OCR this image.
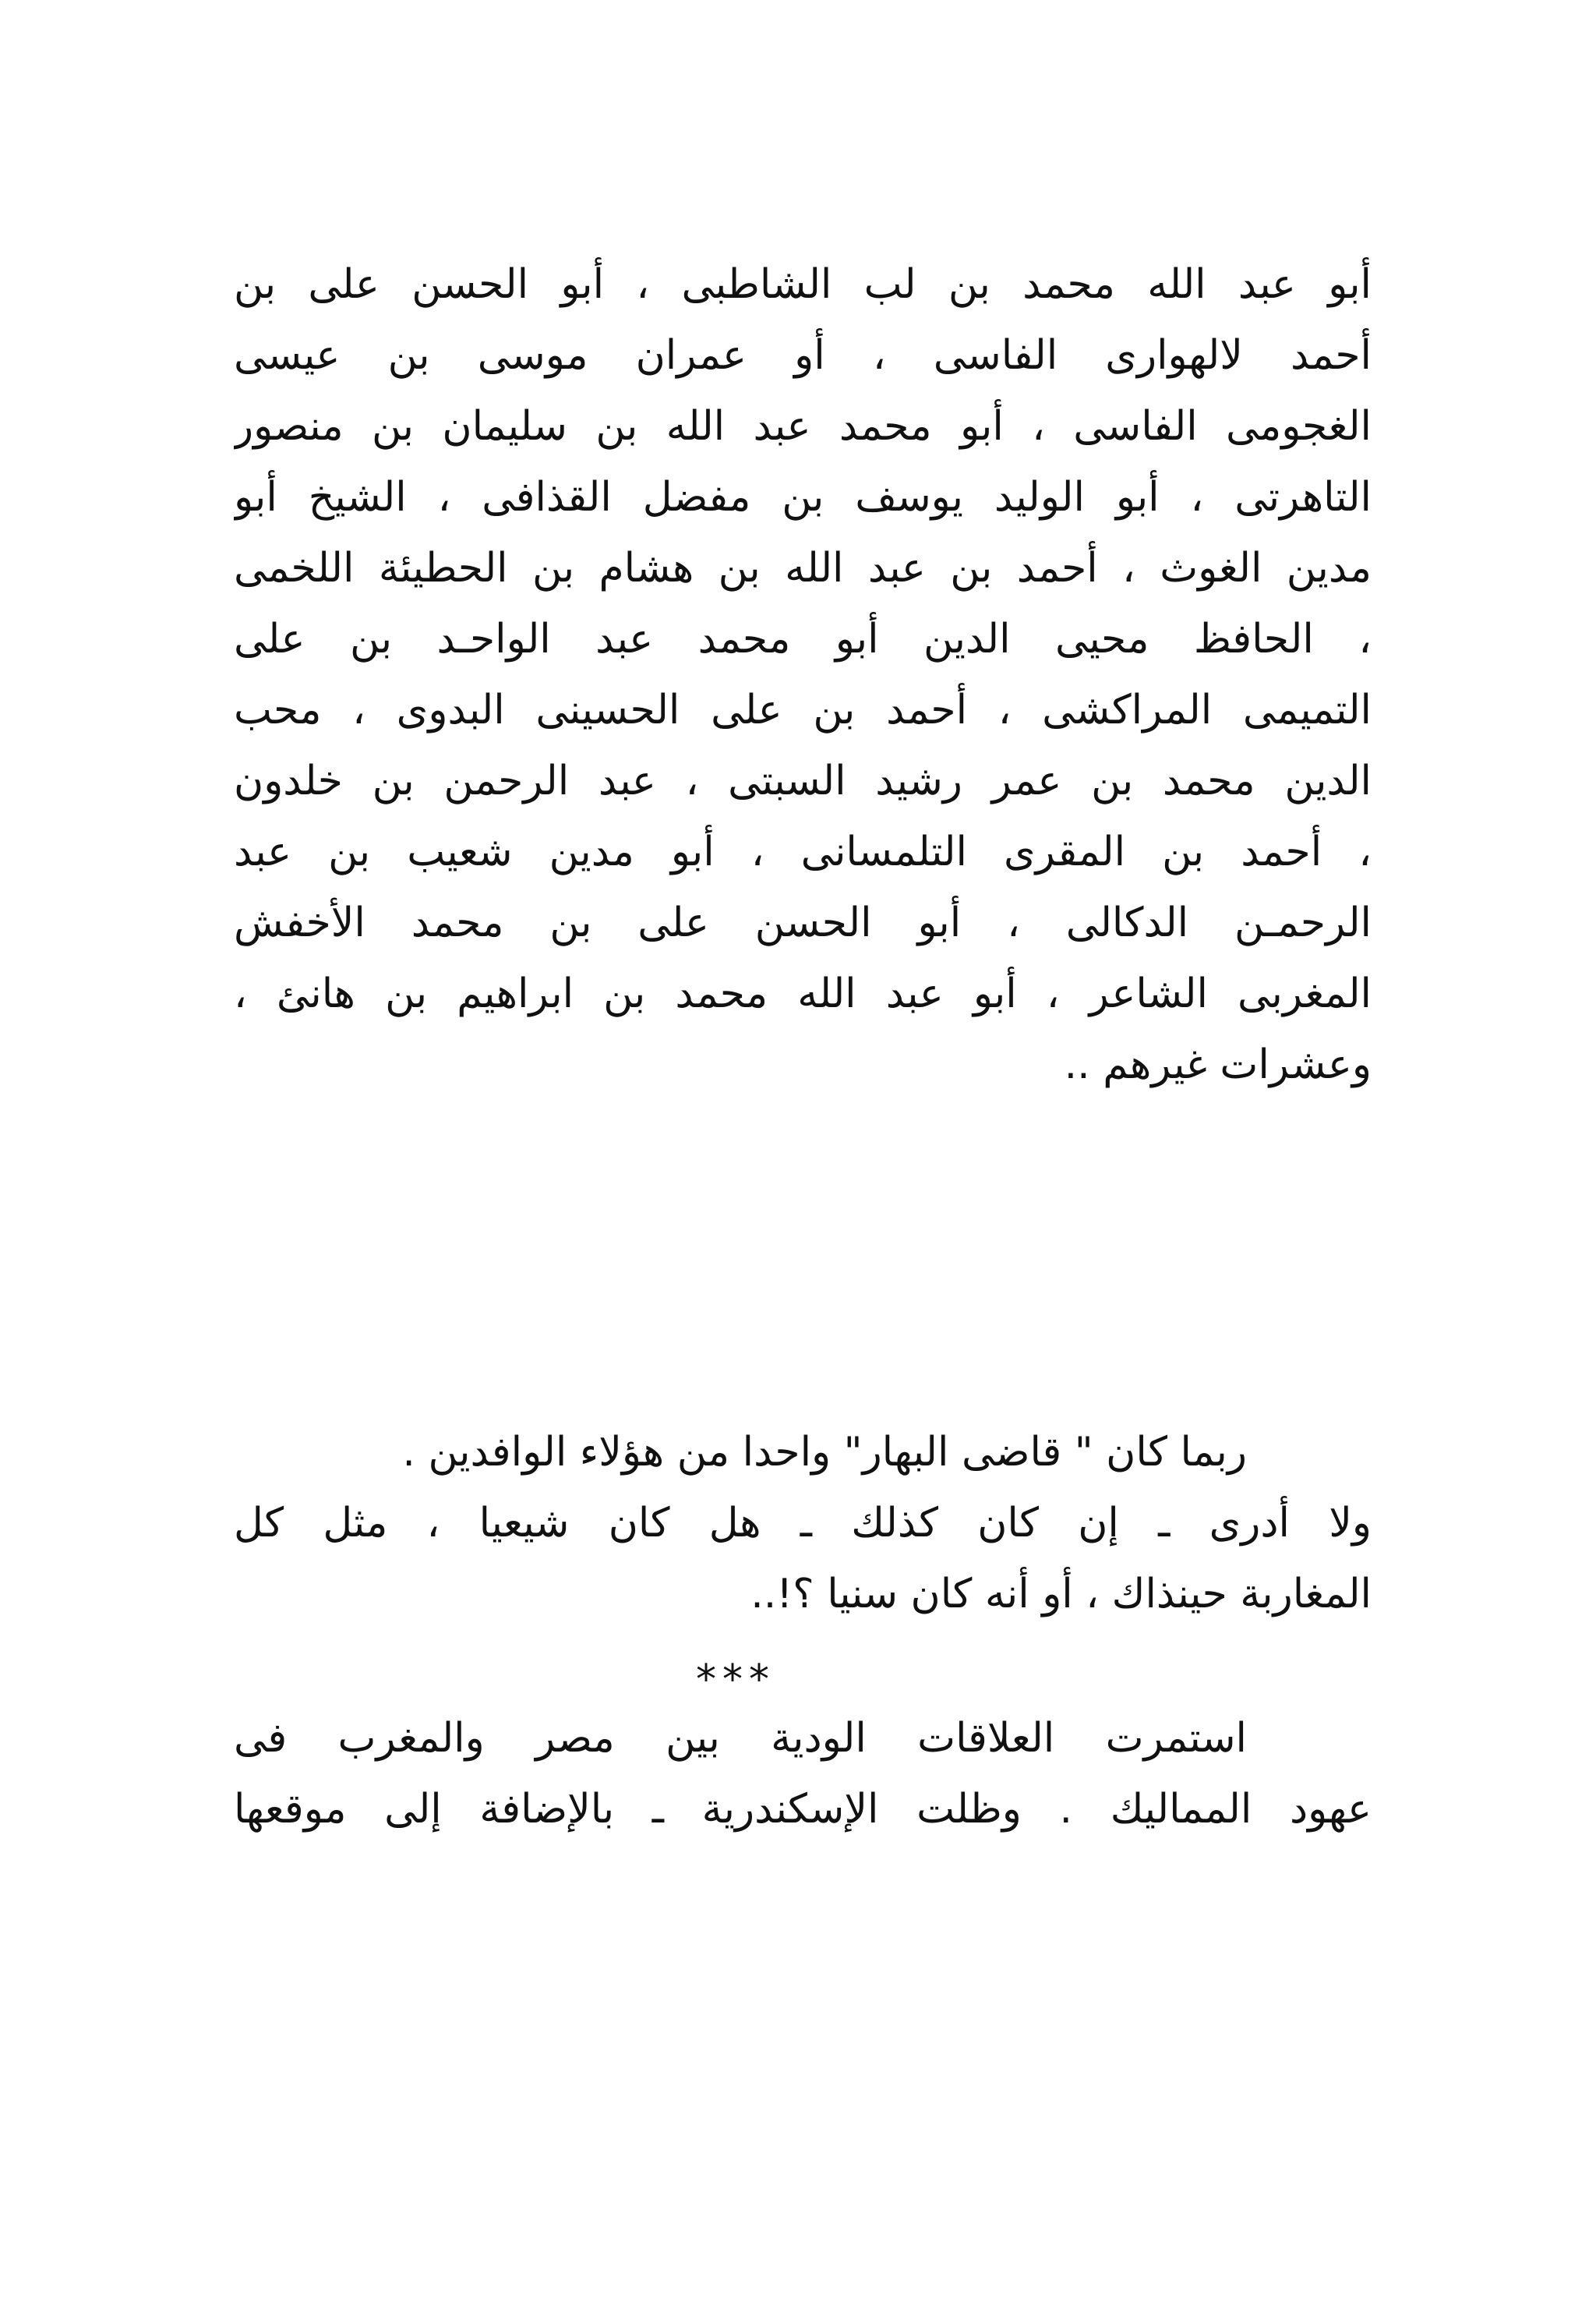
أبو عبد الله محمد بن لب الشاطبى ، أبو الحسن على بن
أحمد لالهوارى الفاسى ، أو عمران موسى بن عيسى
الغجومى الفاسى ، أبو محمد عبد الله بن سليمان بن منصور
التاهرتى ، أبو الوليد يوسف بن مفضل القذافى ، الشيخ أبو
مدين الغوث ، أحمد بن عبد الله بن هشام بن الحطيئة اللخمى
، الحافظ محيى الدين أبو محمد عبد الواحـد بن على
التميمى المراكشى ، أحمد بن على الحسينى البدوى ، محب
الدين محمد بن عمر رشيد السبتى ، عبد الرحمن بن خلدون
، أحمد بن المقرى التلمسانى ، أبو مدين شعيب بن عبد
الرحمـن الدكالى ، أبو الحسن على بن محمد الأخفش
المغربى الشاعر ، أبو عبد الله محمد بن ابراهيم بن هانئ ،
وعشرات غيرهم ..
ربما كان " قاضى البهار" واحدا من هؤلاء الوافدين .
ولا أدرى ـ إن كان كذلك ـ هل كان شيعيا ، مثل كل
المغاربة حينذاك ، أو أنه كان سنيا ؟!..
***
استمرت العلاقات الودية بين مصر والمغرب فى
عهود المماليك . وظلت الإسكندرية ـ بالإضافة إلى موقعها
